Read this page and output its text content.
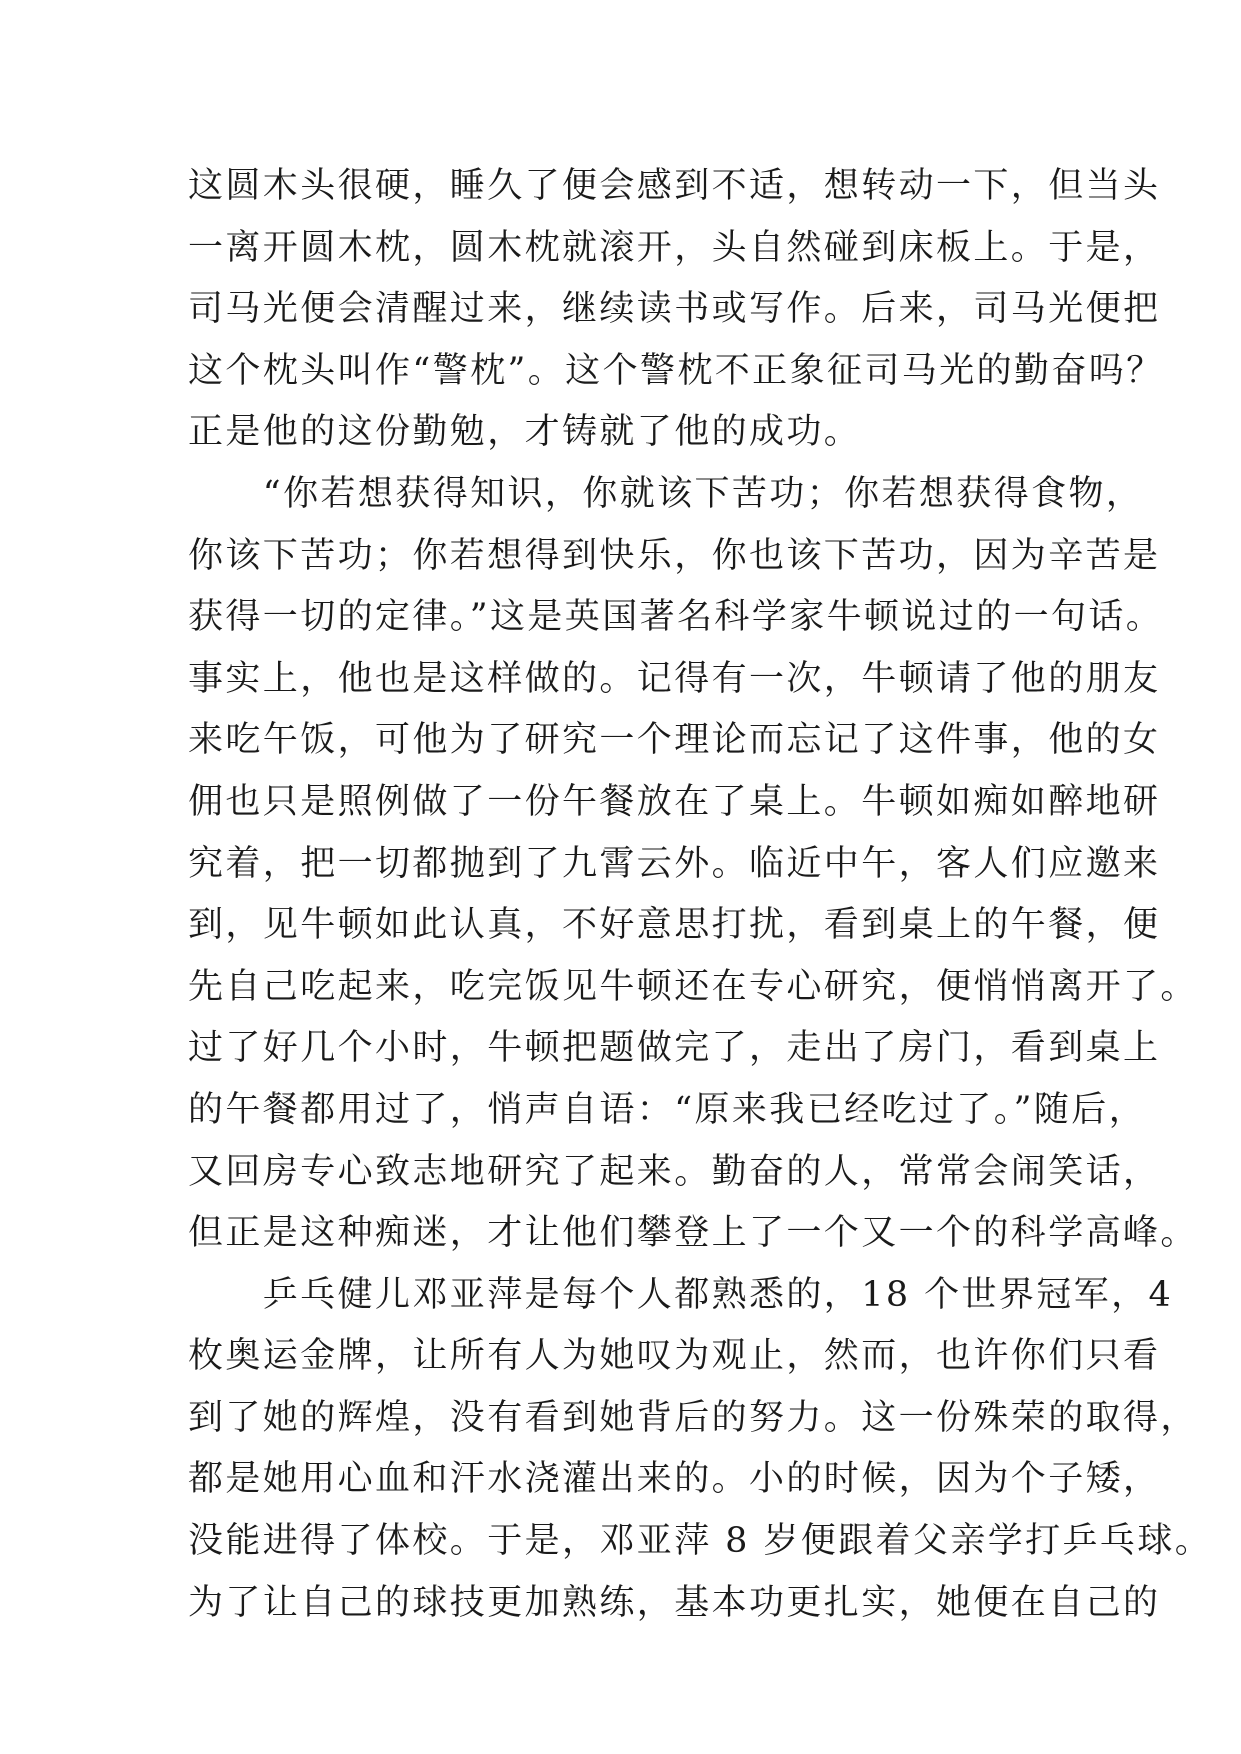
这圆木头很硬，睡久了便会感到不适，想转动一下，但当头
一离开圆木枕，圆木枕就滚开，头自然碰到床板上。于是，
司马光便会清醒过来，继续读书或写作。后来，司马光便把
这个枕头叫作“警枕”。这个警枕不正象征司马光的勤奋吗？
正是他的这份勤勉，才铸就了他的成功。
　　“你若想获得知识，你就该下苦功；你若想获得食物，
你该下苦功；你若想得到快乐，你也该下苦功，因为辛苦是
获得一切的定律。”这是英国著名科学家牛顿说过的一句话。
事实上，他也是这样做的。记得有一次，牛顿请了他的朋友
来吃午饭，可他为了研究一个理论而忘记了这件事，他的女
佣也只是照例做了一份午餐放在了桌上。牛顿如痴如醉地研
究着，把一切都抛到了九霄云外。临近中午，客人们应邀来
到，见牛顿如此认真，不好意思打扰，看到桌上的午餐，便
先自己吃起来，吃完饭见牛顿还在专心研究，便悄悄离开了。
过了好几个小时，牛顿把题做完了，走出了房门，看到桌上
的午餐都用过了，悄声自语：“原来我已经吃过了。”随后，
又回房专心致志地研究了起来。勤奋的人，常常会闹笑话，
但正是这种痴迷，才让他们攀登上了一个又一个的科学高峰。
　　乒乓健儿邓亚萍是每个人都熟悉的，18 个世界冠军，4
枚奥运金牌，让所有人为她叹为观止，然而，也许你们只看
到了她的辉煌，没有看到她背后的努力。这一份殊荣的取得，
都是她用心血和汗水浇灌出来的。小的时候，因为个子矮，
没能进得了体校。于是，邓亚萍 8 岁便跟着父亲学打乒乓球。
为了让自己的球技更加熟练，基本功更扎实，她便在自己的
